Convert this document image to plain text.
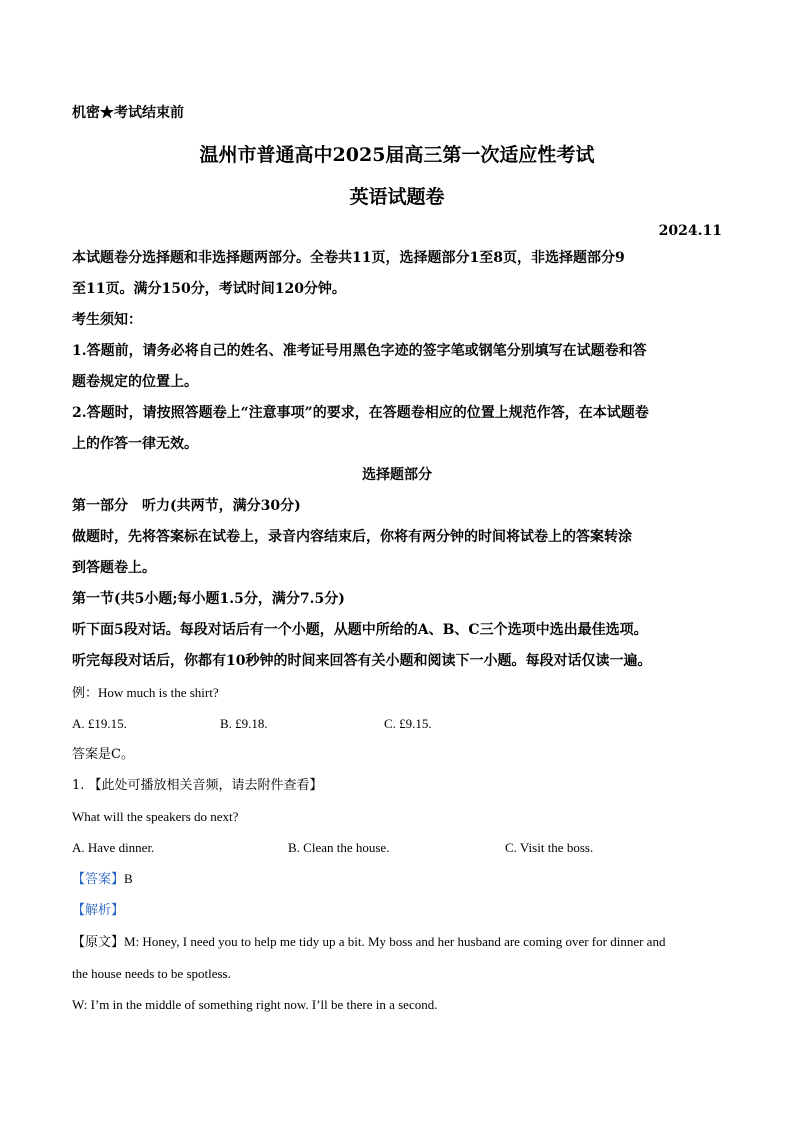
机密★考试结束前
温州市普通高中2025届高三第一次适应性考试
英语试题卷
2024.11
本试题卷分选择题和非选择题两部分。全卷共11页，选择题部分1至8页，非选择题部分9
至11页。满分150分，考试时间120分钟。
考生须知：
1.答题前，请务必将自己的姓名、准考证号用黑色字迹的签字笔或钢笔分别填写在试题卷和答
题卷规定的位置上。
2.答题时，请按照答题卷上“注意事项”的要求，在答题卷相应的位置上规范作答，在本试题卷
上的作答一律无效。
选择题部分
第一部分　听力(共两节，满分30分)
做题时，先将答案标在试卷上，录音内容结束后，你将有两分钟的时间将试卷上的答案转涂
到答题卷上。
第一节(共5小题;每小题1.5分，满分7.5分)
听下面5段对话。每段对话后有一个小题，从题中所给的A、B、C三个选项中选出最佳选项。
听完每段对话后，你都有10秒钟的时间来回答有关小题和阅读下一小题。每段对话仅读一遍。
例：How much is the shirt?
A. £19.15.	B. £9.18.	C. £9.15.
答案是C。
1. 【此处可播放相关音频，请去附件查看】
What will the speakers do next?
A. Have dinner.	B. Clean the house.	C. Visit the boss.
【答案】B
【解析】
【原文】M: Honey, I need you to help me tidy up a bit. My boss and her husband are coming over for dinner and
the house needs to be spotless.
W: I’m in the middle of something right now. I’ll be there in a second.
